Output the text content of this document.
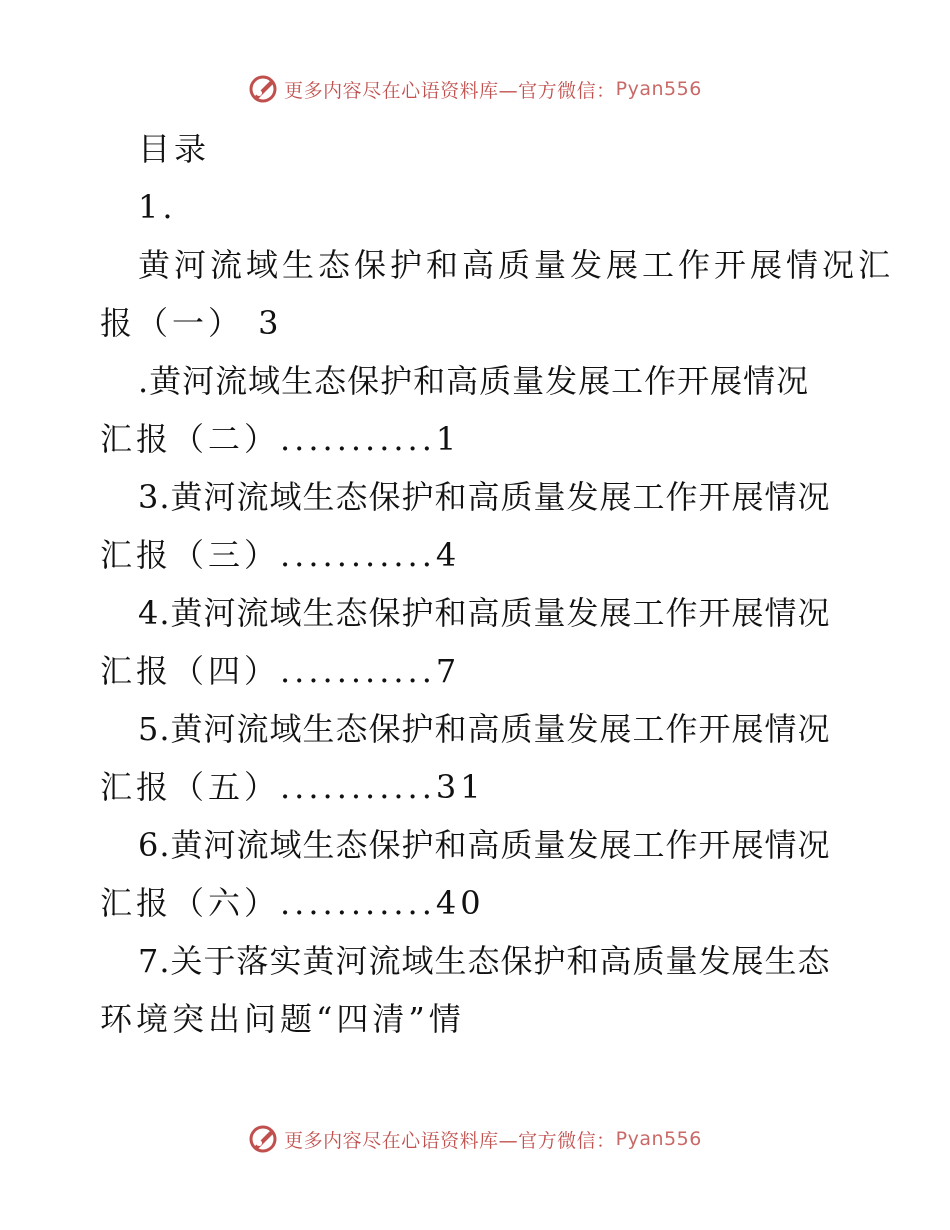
更多内容尽在心语资料库—官方微信： Pyan556
目录
1.
黄河流域生态保护和高质量发展工作开展情况汇
报（一） 3
.黄河流域生态保护和高质量发展工作开展情况
汇报（二）...........1
3.黄河流域生态保护和高质量发展工作开展情况
汇报（三）...........4
4.黄河流域生态保护和高质量发展工作开展情况
汇报（四）...........7
5.黄河流域生态保护和高质量发展工作开展情况
汇报（五）...........31
6.黄河流域生态保护和高质量发展工作开展情况
汇报（六）...........40
7.关于落实黄河流域生态保护和高质量发展生态
环境突出问题“四清”情
更多内容尽在心语资料库—官方微信： Pyan556
